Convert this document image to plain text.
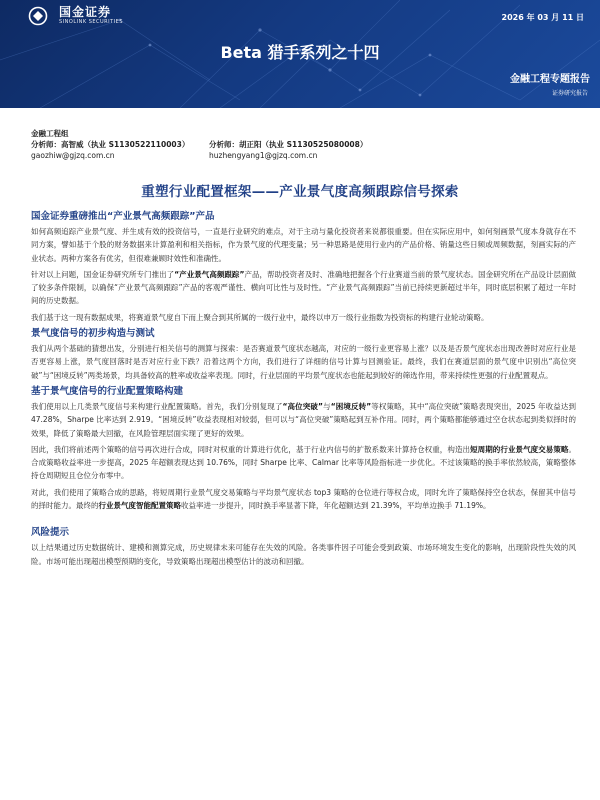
国金证券
SINOLINK SECURITIES	2026 年 03 月 11 日
Beta 猎手系列之十四
金融工程专题报告
证券研究报告
金融工程组
分析师：高智威（执业 S1130522110003）	分析师：胡正阳（执业 S1130525080008）
gaozhiw@gjzq.com.cn	huzhengyang1@gjzq.com.cn
重塑行业配置框架——产业景气度高频跟踪信号探索
国金证券重磅推出“产业景气高频跟踪”产品

如何高频追踪产业景气度、并生成有效的投资信号，一直是行业研究的难点，对于主动与量化投资者来说都很重要。但在实际应用中，如何刻画景气度本身就存在不同方案，譬如基于个股的财务数据来计算盈利和相关指标，作为景气度的代理变量；另一种思路是使用行业内的产品价格、销量这些日频或周频数据，刻画实际的产业状态。两种方案各有优劣，但很难兼顾时效性和准确性。

针对以上问题，国金证券研究所专门推出了“产业景气高频跟踪”产品，帮助投资者及时、准确地把握各个行业赛道当前的景气度状态。国金研究所在产品设计层面做了较多条件限制，以确保“产业景气高频跟踪”产品的客观严谨性、横向可比性与及时性。“产业景气高频跟踪”当前已持续更新超过半年，同时底层积累了超过一年时间的历史数据。

我们基于这一现有数据成果，将赛道景气度自下而上聚合到其所属的一级行业中，最终以申万一级行业指数为投资标的构建行业轮动策略。

景气度信号的初步构造与测试

我们从两个基础的猜想出发，分别进行相关信号的测算与探索：是否赛道景气度状态越高，对应的一级行业更容易上涨？以及是否景气度状态出现改善时对应行业是否更容易上涨，景气度回落时是否对应行业下跌？沿着这两个方向，我们进行了详细的信号计算与回测验证。最终，我们在赛道层面的景气度中识别出“高位突破”与“困境反转”两类场景，均具备较高的胜率或收益率表现。同时，行业层面的平均景气度状态也能起到较好的筛选作用，带来持续性更强的行业配置观点。

基于景气度信号的行业配置策略构建

我们使用以上几类景气度信号来构建行业配置策略。首先，我们分别复现了“高位突破”与“困境反转”等权策略，其中“高位突破”策略表现突出，2025 年收益达到 47.28%，Sharpe 比率达到 2.919。“困境反转”收益表现相对较弱，但可以与“高位突破”策略起到互补作用。同时，两个策略都能够通过空仓状态起到类似择时的效果，降低了策略最大回撤，在风险管理层面实现了更好的效果。

因此，我们将前述两个策略的信号再次进行合成，同时对权重的计算进行优化，基于行业内信号的扩散系数来计算持仓权重，构造出短周期的行业景气度交易策略。合成策略收益率进一步提高，2025 年超额表现达到 10.76%，同时 Sharpe 比率、Calmar 比率等风险指标进一步优化。不过该策略的换手率依然较高，策略整体持仓周期短且仓位分布零中。

对此，我们使用了策略合成的思路，将短周期行业景气度交易策略与平均景气度状态 top3 策略的仓位进行等权合成，同时允许了策略保持空仓状态，保留其中信号的择时能力。最终的行业景气度智能配置策略收益率进一步提升，同时换手率显著下降，年化超额达到 21.39%，平均单边换手 71.19%。

风险提示

以上结果通过历史数据统计、建模和测算完成，历史规律未来可能存在失效的风险。各类事件因子可能会受到政策、市场环境发生变化的影响，出现阶段性失效的风险。市场可能出现超出模型预期的变化，导致策略出现超出模型估计的波动和回撤。
